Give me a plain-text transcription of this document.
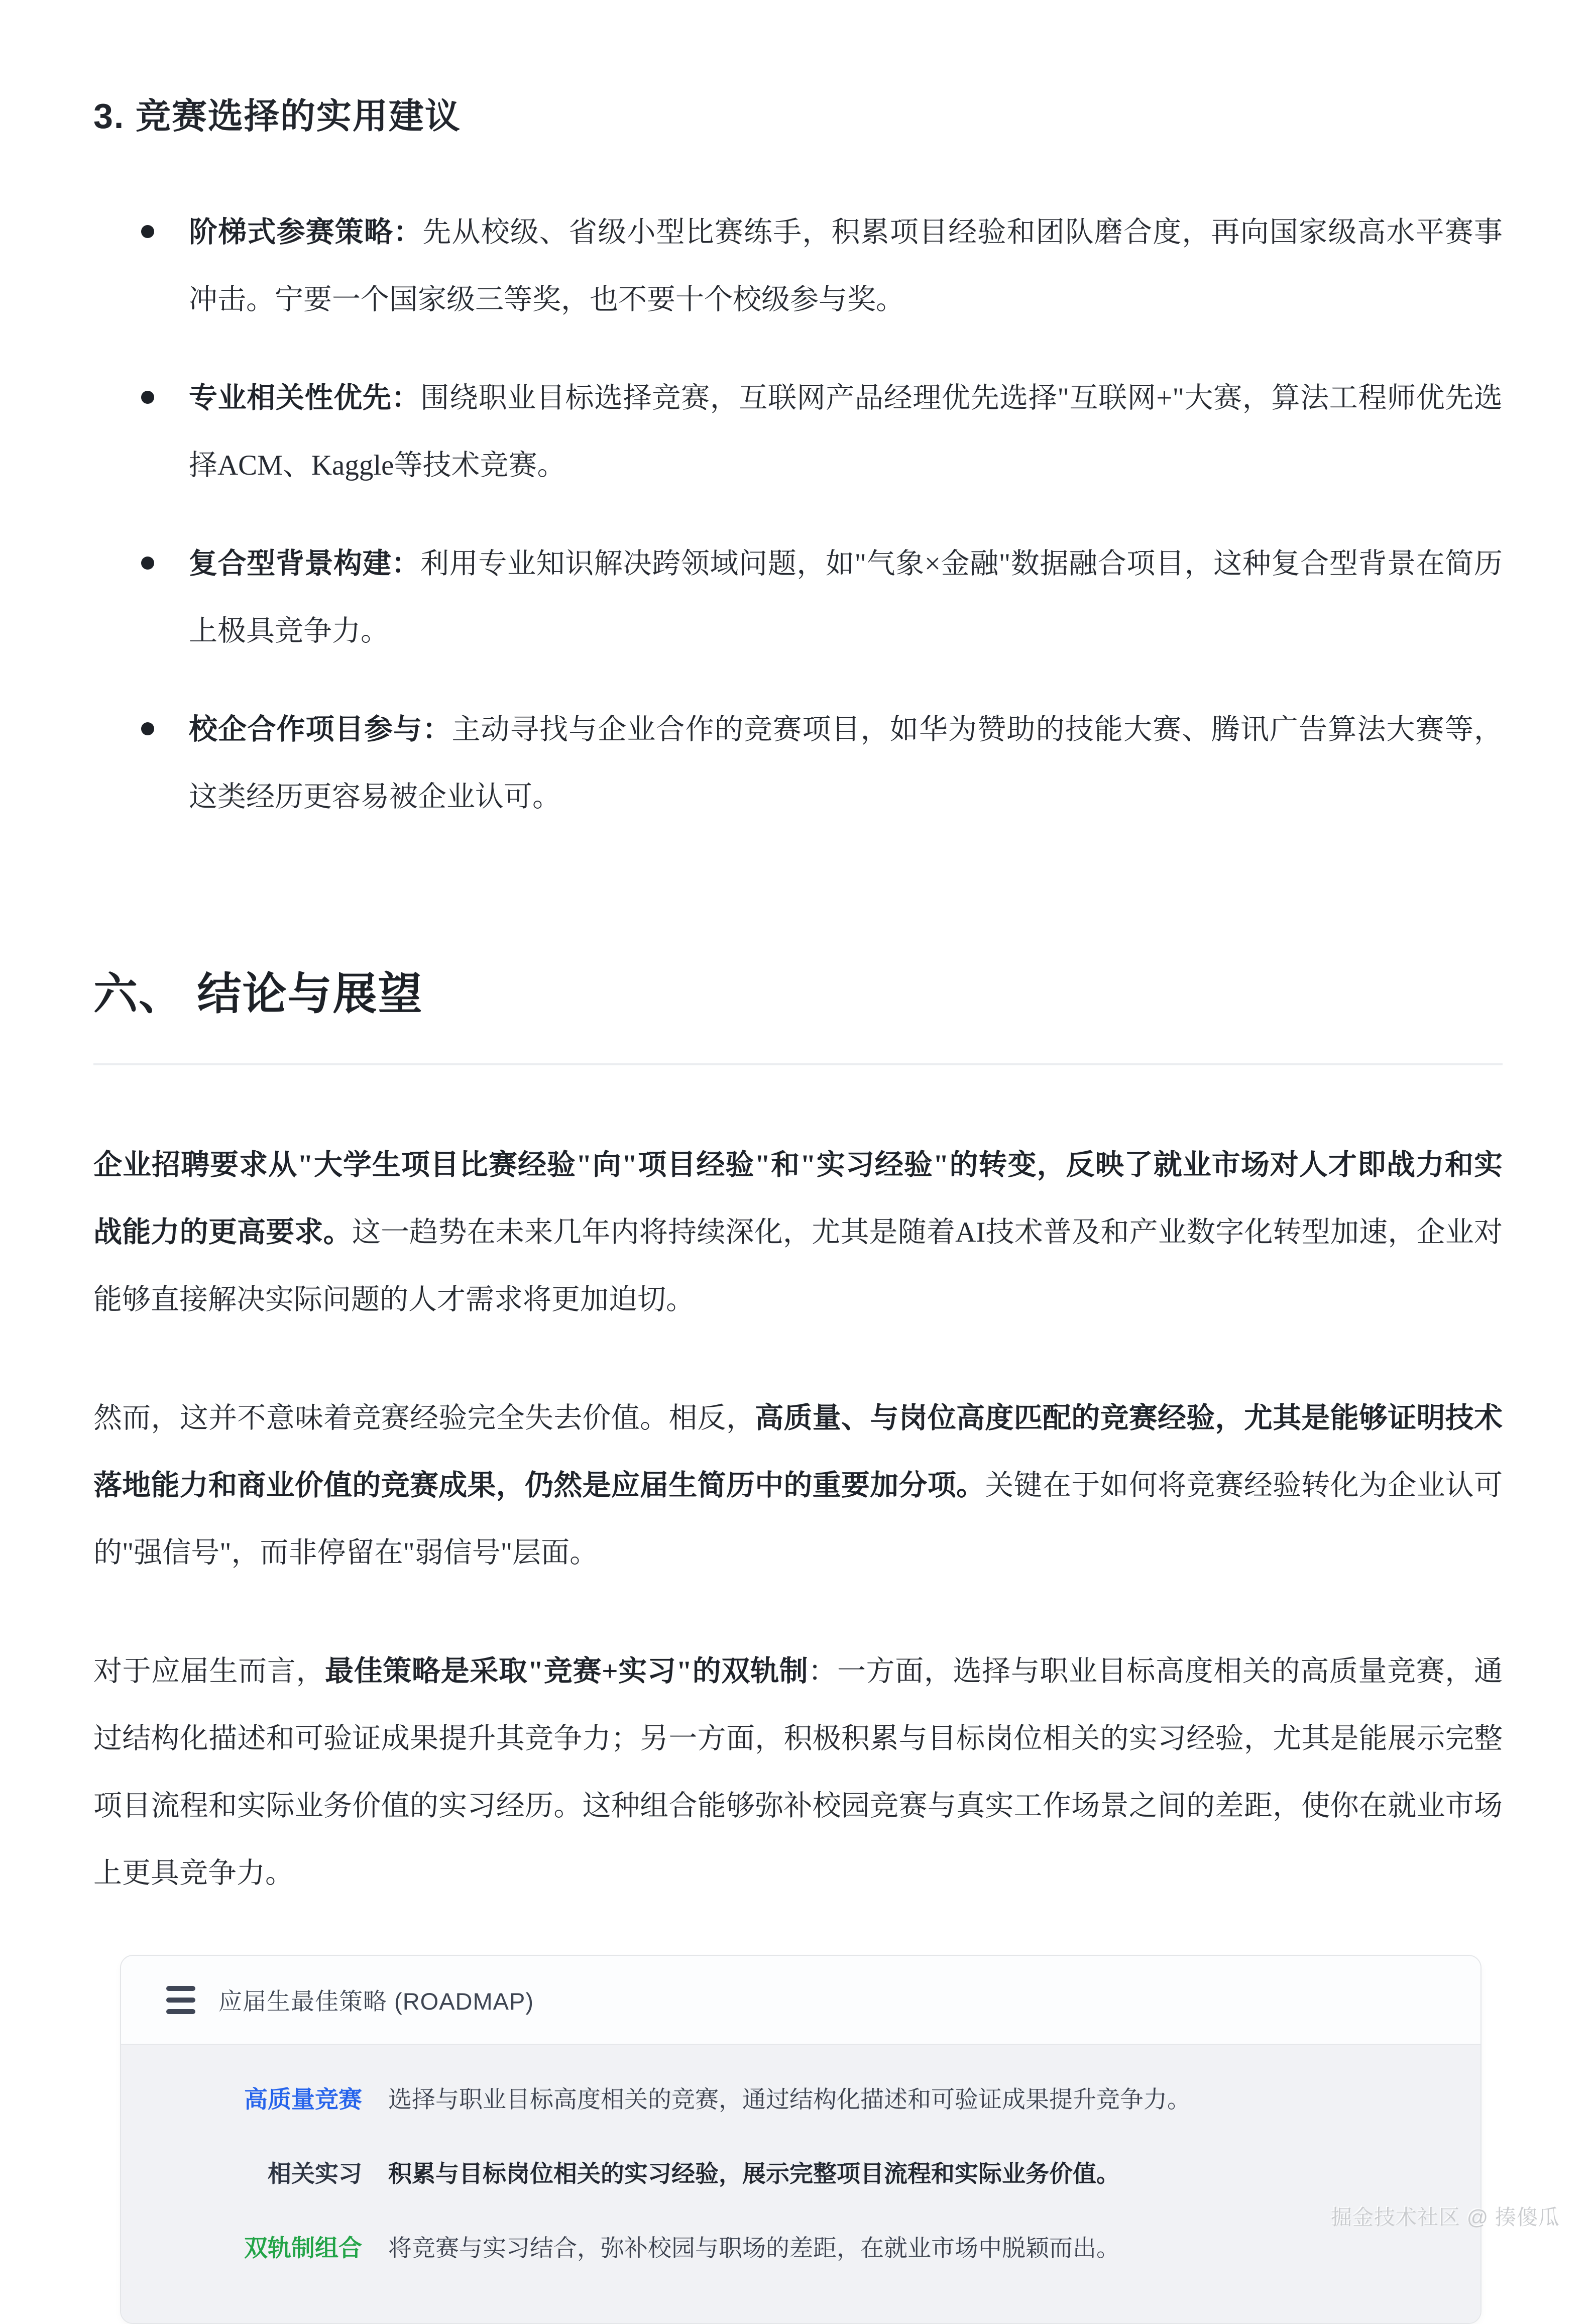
3. 竞赛选择的实用建议
阶梯式参赛策略：先从校级、省级小型比赛练手，积累项目经验和团队磨合度，再向国家级高水平赛事冲击。宁要一个国家级三等奖，也不要十个校级参与奖。
专业相关性优先：围绕职业目标选择竞赛，互联网产品经理优先选择"互联网+"大赛，算法工程师优先选择ACM、Kaggle等技术竞赛。
复合型背景构建：利用专业知识解决跨领域问题，如"气象×金融"数据融合项目，这种复合型背景在简历上极具竞争力。
校企合作项目参与：主动寻找与企业合作的竞赛项目，如华为赞助的技能大赛、腾讯广告算法大赛等，这类经历更容易被企业认可。
六、 结论与展望

企业招聘要求从"大学生项目比赛经验"向"项目经验"和"实习经验"的转变，反映了就业市场对人才即战力和实战能力的更高要求。这一趋势在未来几年内将持续深化，尤其是随着AI技术普及和产业数字化转型加速，企业对能够直接解决实际问题的人才需求将更加迫切。

然而，这并不意味着竞赛经验完全失去价值。相反，高质量、与岗位高度匹配的竞赛经验，尤其是能够证明技术落地能力和商业价值的竞赛成果，仍然是应届生简历中的重要加分项。关键在于如何将竞赛经验转化为企业认可的"强信号"，而非停留在"弱信号"层面。

对于应届生而言，最佳策略是采取"竞赛+实习"的双轨制：一方面，选择与职业目标高度相关的高质量竞赛，通过结构化描述和可验证成果提升其竞争力；另一方面，积极积累与目标岗位相关的实习经验，尤其是能展示完整项目流程和实际业务价值的实习经历。这种组合能够弥补校园竞赛与真实工作场景之间的差距，使你在就业市场上更具竞争力。

应届生最佳策略 (ROADMAP)
高质量竞赛 选择与职业目标高度相关的竞赛，通过结构化描述和可验证成果提升竞争力。
相关实习 积累与目标岗位相关的实习经验，展示完整项目流程和实际业务价值。
双轨制组合 将竞赛与实习结合，弥补校园与职场的差距，在就业市场中脱颖而出。
掘金技术社区 @ 揍傻瓜
